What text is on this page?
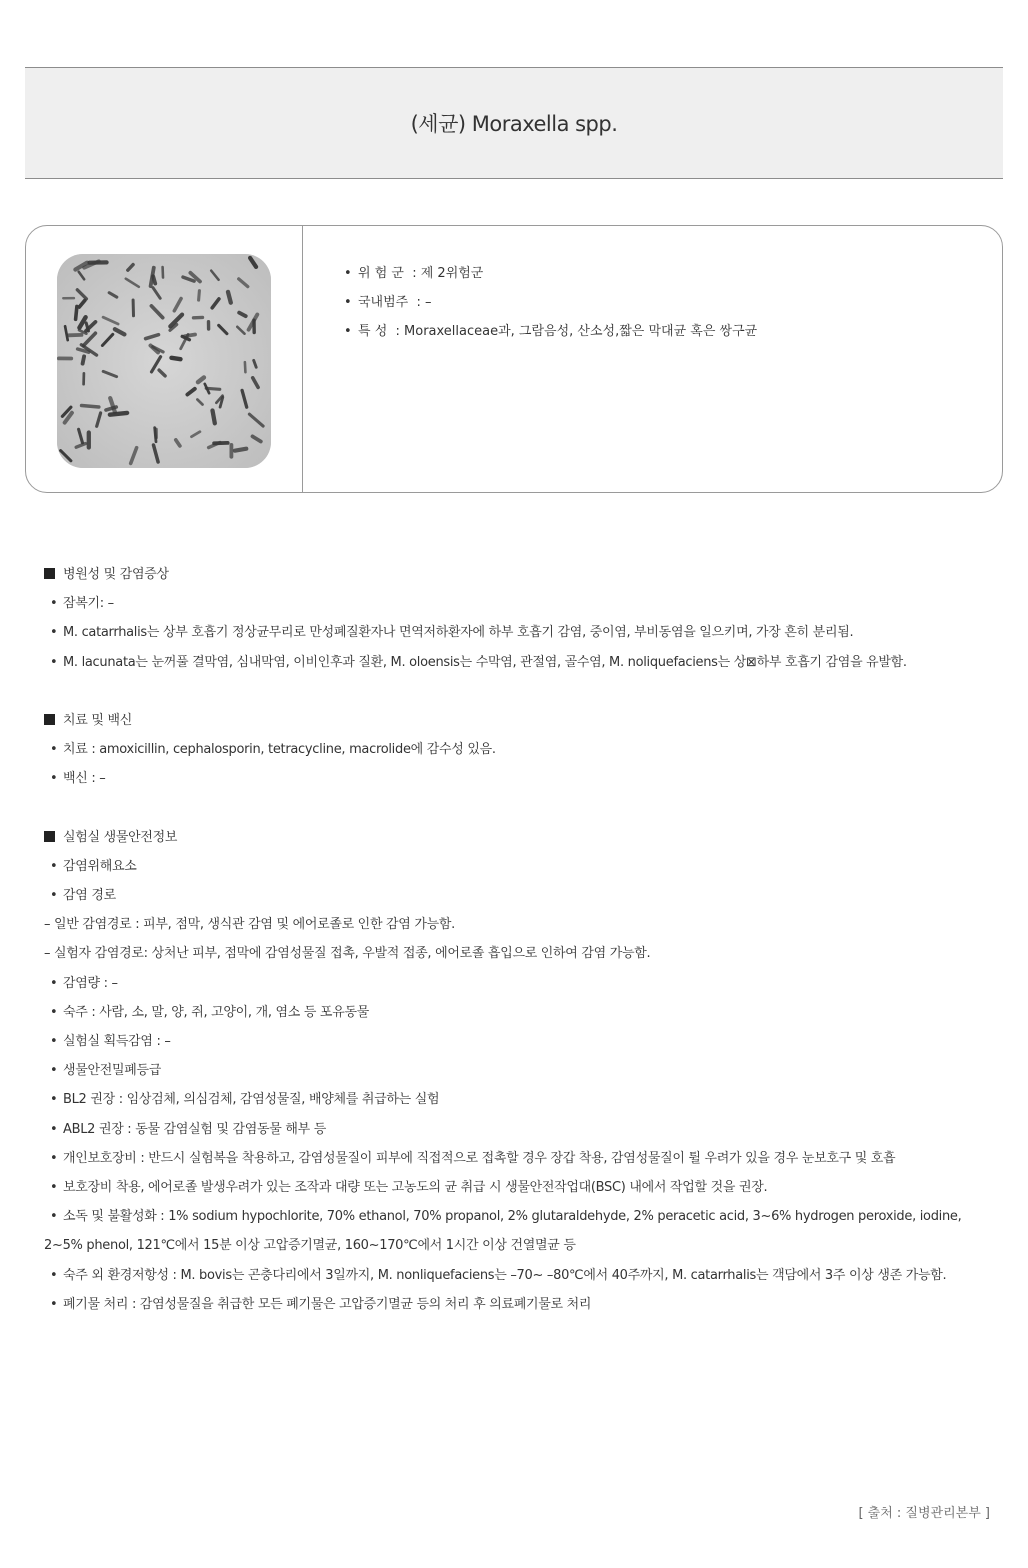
(세균) Moraxella spp.
• 위 험 군  : 제 2위험군
• 국내범주  : –
• 특 성  : Moraxellaceae과, 그람음성, 산소성,짧은 막대균 혹은 쌍구균
병원성 및 감염증상
• 잠복기: –
• M. catarrhalis는 상부 호흡기 정상균무리로 만성폐질환자나 면역저하환자에 하부 호흡기 감염, 중이염, 부비동염을 일으키며, 가장 흔히 분리됨.
• M. lacunata는 눈꺼풀 결막염, 심내막염, 이비인후과 질환, M. oloensis는 수막염, 관절염, 골수염, M. noliquefaciens는 상⊠하부 호흡기 감염을 유발함.
치료 및 백신
• 치료 : amoxicillin, cephalosporin, tetracycline, macrolide에 감수성 있음.
• 백신 : –
실험실 생물안전정보
• 감염위해요소
• 감염 경로
– 일반 감염경로 : 피부, 점막, 생식관 감염 및 에어로졸로 인한 감염 가능함.
– 실험자 감염경로: 상처난 피부, 점막에 감염성물질 접촉, 우발적 접종, 에어로졸 흡입으로 인하여 감염 가능함.
• 감염량 : –
• 숙주 : 사람, 소, 말, 양, 쥐, 고양이, 개, 염소 등 포유동물
• 실험실 획득감염 : –
• 생물안전밀폐등급
• BL2 권장 : 임상검체, 의심검체, 감염성물질, 배양체를 취급하는 실험
• ABL2 권장 : 동물 감염실험 및 감염동물 해부 등
• 개인보호장비 : 반드시 실험복을 착용하고, 감염성물질이 피부에 직접적으로 접촉할 경우 장갑 착용, 감염성물질이 튈 우려가 있을 경우 눈보호구 및 호흡
• 보호장비 착용, 에어로졸 발생우려가 있는 조작과 대량 또는 고농도의 균 취급 시 생물안전작업대(BSC) 내에서 작업할 것을 권장.
• 소독 및 불활성화 : 1% sodium hypochlorite, 70% ethanol, 70% propanol, 2% glutaraldehyde, 2% peracetic acid, 3~6% hydrogen peroxide, iodine,
2~5% phenol, 121℃에서 15분 이상 고압증기멸균, 160~170℃에서 1시간 이상 건열멸균 등
• 숙주 외 환경저항성 : M. bovis는 곤충다리에서 3일까지, M. nonliquefaciens는 –70~ –80℃에서 40주까지, M. catarrhalis는 객담에서 3주 이상 생존 가능함.
• 폐기물 처리 : 감염성물질을 취급한 모든 폐기물은 고압증기멸균 등의 처리 후 의료폐기물로 처리
[ 출처 : 질병관리본부 ]
